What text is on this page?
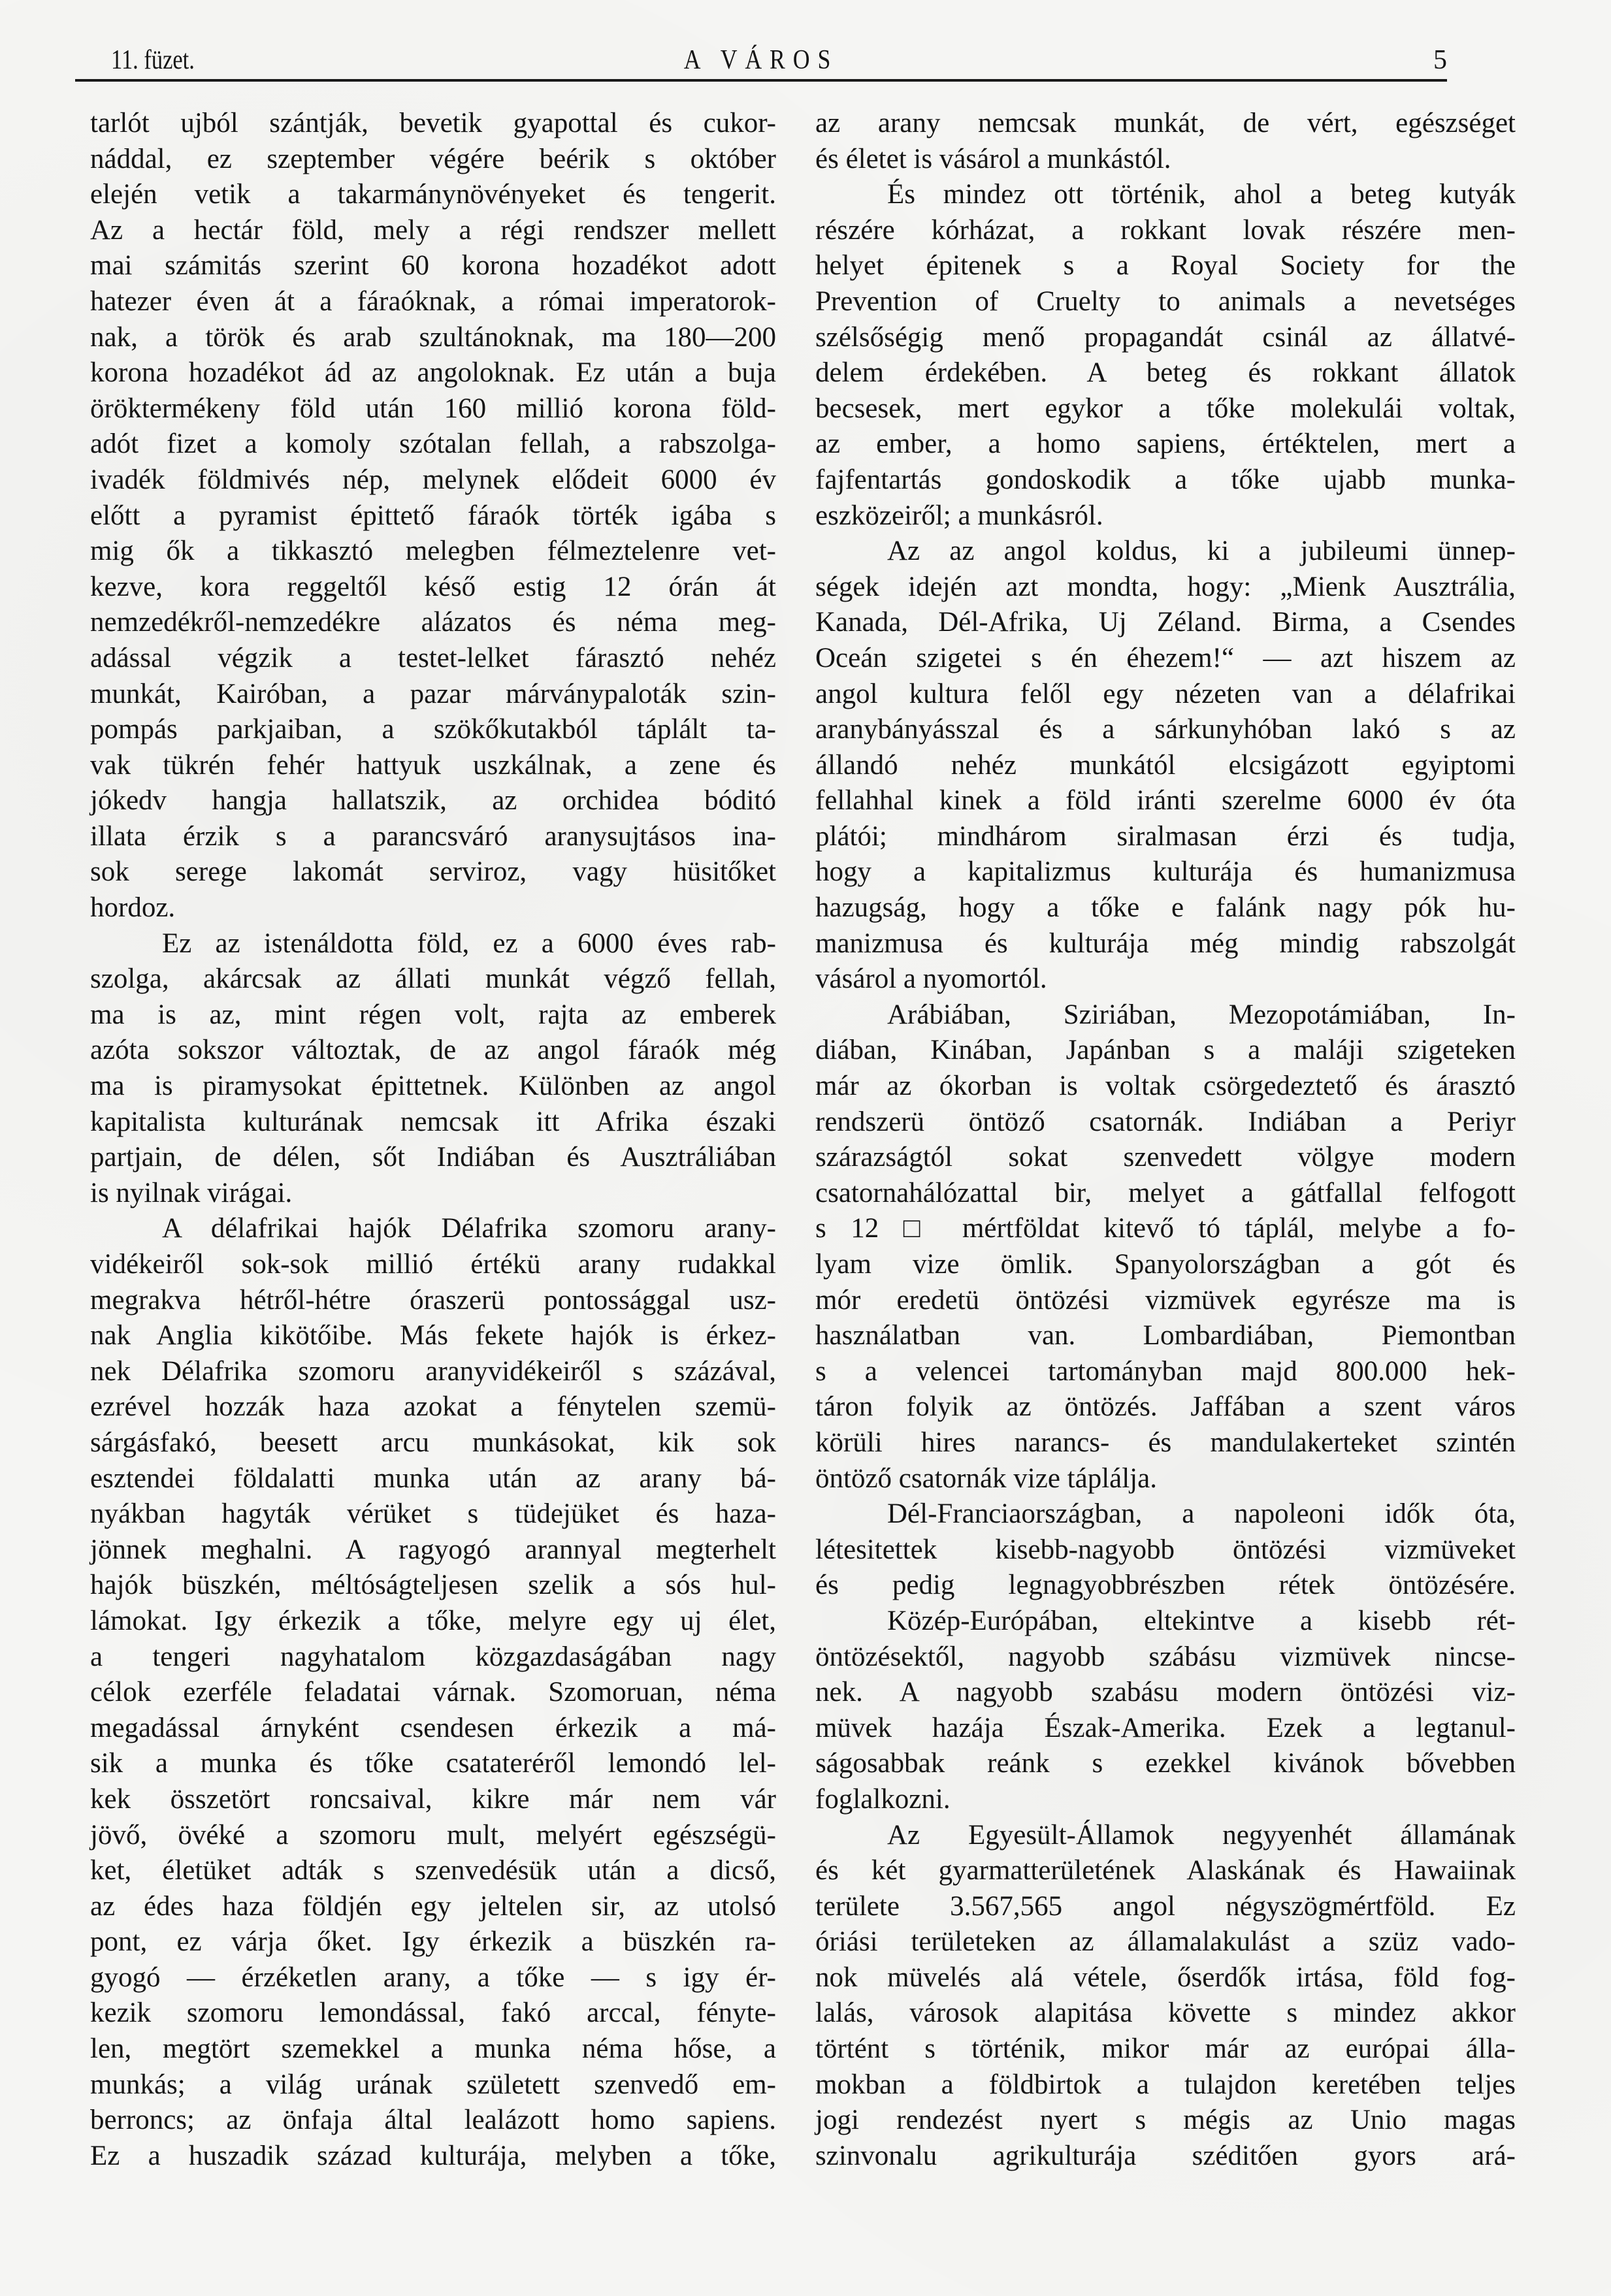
11. füzet.	A VÁROS	5
tarlót ujból szántják, bevetik gyapottal és cukor-
náddal, ez szeptember végére beérik s október
elején vetik a takarmánynövényeket és tengerit.
Az a hectár föld, mely a régi rendszer mellett
mai számitás szerint 60 korona hozadékot adott
hatezer éven át a fáraóknak, a római imperatorok-
nak, a török és arab szultánoknak, ma 180—200
korona hozadékot ád az angoloknak. Ez után a buja
öröktermékeny föld után 160 millió korona föld-
adót fizet a komoly szótalan fellah, a rabszolga-
ivadék földmivés nép, melynek elődeit 6000 év
előtt a pyramist épittető fáraók törték igába s
mig ők a tikkasztó melegben félmeztelenre vet-
kezve, kora reggeltől késő estig 12 órán át
nemzedékről-nemzedékre alázatos és néma meg-
adással végzik a testet-lelket fárasztó nehéz
munkát, Kairóban, a pazar márványpaloták szin-
pompás parkjaiban, a szökőkutakból táplált ta-
vak tükrén fehér hattyuk uszkálnak, a zene és
jókedv hangja hallatszik, az orchidea bóditó
illata érzik s a parancsváró aranysujtásos ina-
sok serege lakomát serviroz, vagy hüsitőket
hordoz.
Ez az istenáldotta föld, ez a 6000 éves rab-
szolga, akárcsak az állati munkát végző fellah,
ma is az, mint régen volt, rajta az emberek
azóta sokszor változtak, de az angol fáraók még
ma is piramysokat épittetnek. Különben az angol
kapitalista kulturának nemcsak itt Afrika északi
partjain, de délen, sőt Indiában és Ausztráliában
is nyilnak virágai.
A délafrikai hajók Délafrika szomoru arany-
vidékeiről sok-sok millió értékü arany rudakkal
megrakva hétről-hétre óraszerü pontossággal usz-
nak Anglia kikötőibe. Más fekete hajók is érkez-
nek Délafrika szomoru aranyvidékeiről s százával,
ezrével hozzák haza azokat a fénytelen szemü-
sárgásfakó, beesett arcu munkásokat, kik sok
esztendei földalatti munka után az arany bá-
nyákban hagyták vérüket s tüdejüket és haza-
jönnek meghalni. A ragyogó arannyal megterhelt
hajók büszkén, méltóságteljesen szelik a sós hul-
lámokat. Igy érkezik a tőke, melyre egy uj élet,
a tengeri nagyhatalom közgazdaságában nagy
célok ezerféle feladatai várnak. Szomoruan, néma
megadással árnyként csendesen érkezik a má-
sik a munka és tőke csatateréről lemondó lel-
kek összetört roncsaival, kikre már nem vár
jövő, övéké a szomoru mult, melyért egészségü-
ket, életüket adták s szenvedésük után a dicső,
az édes haza földjén egy jeltelen sir, az utolsó
pont, ez várja őket. Igy érkezik a büszkén ra-
gyogó — érzéketlen arany, a tőke — s igy ér-
kezik szomoru lemondással, fakó arccal, fényte-
len, megtört szemekkel a munka néma hőse, a
munkás; a világ urának született szenvedő em-
berroncs; az önfaja által lealázott homo sapiens.
Ez a huszadik század kulturája, melyben a tőke,
az arany nemcsak munkát, de vért, egészséget
és életet is vásárol a munkástól.
És mindez ott történik, ahol a beteg kutyák
részére kórházat, a rokkant lovak részére men-
helyet épitenek s a Royal Society for the
Prevention of Cruelty to animals a nevetséges
szélsőségig menő propagandát csinál az állatvé-
delem érdekében. A beteg és rokkant állatok
becsesek, mert egykor a tőke molekulái voltak,
az ember, a homo sapiens, értéktelen, mert a
fajfentartás gondoskodik a tőke ujabb munka-
eszközeiről; a munkásról.
Az az angol koldus, ki a jubileumi ünnep-
ségek idején azt mondta, hogy: „Mienk Ausztrália,
Kanada, Dél-Afrika, Uj Zéland. Birma, a Csendes
Oceán szigetei s én éhezem!“ — azt hiszem az
angol kultura felől egy nézeten van a délafrikai
aranybányásszal és a sárkunyhóban lakó s az
állandó nehéz munkától elcsigázott egyiptomi
fellahhal kinek a föld iránti szerelme 6000 év óta
plátói; mindhárom siralmasan érzi és tudja,
hogy a kapitalizmus kulturája és humanizmusa
hazugság, hogy a tőke e falánk nagy pók hu-
manizmusa és kulturája még mindig rabszolgát
vásárol a nyomortól.
Arábiában, Sziriában, Mezopotámiában, In-
diában, Kinában, Japánban s a maláji szigeteken
már az ókorban is voltak csörgedeztető és árasztó
rendszerü öntöző csatornák. Indiában a Periyr
szárazságtól sokat szenvedett völgye modern
csatornahálózattal bir, melyet a gátfallal felfogott
s 12 □ mértföldat kitevő tó táplál, melybe a fo-
lyam vize ömlik. Spanyolországban a gót és
mór eredetü öntözési vizmüvek egyrésze ma is
használatban van. Lombardiában, Piemontban
s a velencei tartományban majd 800.000 hek-
táron folyik az öntözés. Jaffában a szent város
körüli hires narancs- és mandulakerteket szintén
öntöző csatornák vize táplálja.
Dél-Franciaországban, a napoleoni idők óta,
létesitettek kisebb-nagyobb öntözési vizmüveket
és pedig legnagyobbrészben rétek öntözésére.
Közép-Európában, eltekintve a kisebb rét-
öntözésektől, nagyobb szábásu vizmüvek nincse-
nek. A nagyobb szabásu modern öntözési viz-
müvek hazája Észak-Amerika. Ezek a legtanul-
ságosabbak reánk s ezekkel kivánok bővebben
foglalkozni.
Az Egyesült-Államok negyyenhét államának
és két gyarmatterületének Alaskának és Hawaiinak
területe 3.567,565 angol négyszögmértföld. Ez
óriási területeken az államalakulást a szüz vado-
nok müvelés alá vétele, őserdők irtása, föld fog-
lalás, városok alapitása követte s mindez akkor
történt s történik, mikor már az európai álla-
mokban a földbirtok a tulajdon keretében teljes
jogi rendezést nyert s mégis az Unio magas
szinvonalu agrikulturája széditően gyors ará-
